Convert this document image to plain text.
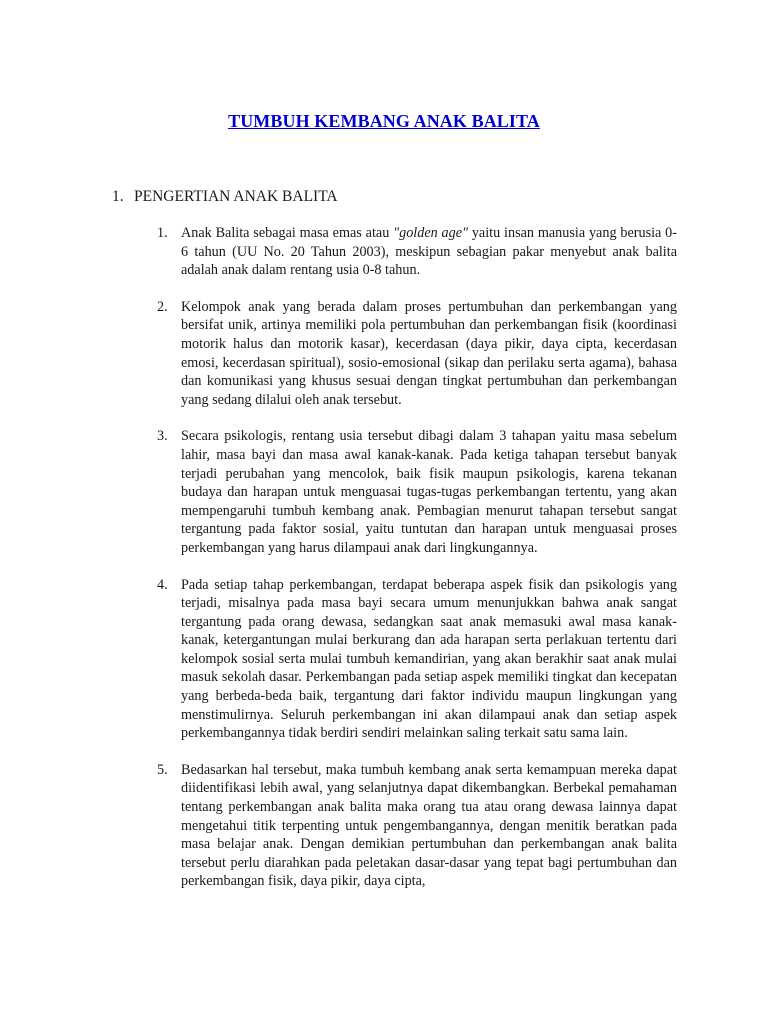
TUMBUH KEMBANG ANAK BALITA
1. PENGERTIAN ANAK BALITA
1. Anak Balita sebagai masa emas atau "golden age" yaitu insan manusia yang berusia 0-6 tahun (UU No. 20 Tahun 2003), meskipun sebagian pakar menyebut anak balita adalah anak dalam rentang usia 0-8 tahun.
2. Kelompok anak yang berada dalam proses pertumbuhan dan perkembangan yang bersifat unik, artinya memiliki pola pertumbuhan dan perkembangan fisik (koordinasi motorik halus dan motorik kasar), kecerdasan (daya pikir, daya cipta, kecerdasan emosi, kecerdasan spiritual), sosio-emosional (sikap dan perilaku serta agama), bahasa dan komunikasi yang khusus sesuai dengan tingkat pertumbuhan dan perkembangan yang sedang dilalui oleh anak tersebut.
3. Secara psikologis, rentang usia tersebut dibagi dalam 3 tahapan yaitu masa sebelum lahir, masa bayi dan masa awal kanak-kanak. Pada ketiga tahapan tersebut banyak terjadi perubahan yang mencolok, baik fisik maupun psikologis, karena tekanan budaya dan harapan untuk menguasai tugas-tugas perkembangan tertentu, yang akan mempengaruhi tumbuh kembang anak. Pembagian menurut tahapan tersebut sangat tergantung pada faktor sosial, yaitu tuntutan dan harapan untuk menguasai proses perkembangan yang harus dilampaui anak dari lingkungannya.
4. Pada setiap tahap perkembangan, terdapat beberapa aspek fisik dan psikologis yang terjadi, misalnya pada masa bayi secara umum menunjukkan bahwa anak sangat tergantung pada orang dewasa, sedangkan saat anak memasuki awal masa kanak-kanak, ketergantungan mulai berkurang dan ada harapan serta perlakuan tertentu dari kelompok sosial serta mulai tumbuh kemandirian, yang akan berakhir saat anak mulai masuk sekolah dasar. Perkembangan pada setiap aspek memiliki tingkat dan kecepatan yang berbeda-beda baik, tergantung dari faktor individu maupun lingkungan yang menstimulirnya. Seluruh perkembangan ini akan dilampaui anak dan setiap aspek perkembangannya tidak berdiri sendiri melainkan saling terkait satu sama lain.
5. Bedasarkan hal tersebut, maka tumbuh kembang anak serta kemampuan mereka dapat diidentifikasi lebih awal, yang selanjutnya dapat dikembangkan. Berbekal pemahaman tentang perkembangan anak balita maka orang tua atau orang dewasa lainnya dapat mengetahui titik terpenting untuk pengembangannya, dengan menitik beratkan pada masa belajar anak. Dengan demikian pertumbuhan dan perkembangan anak balita tersebut perlu diarahkan pada peletakan dasar-dasar yang tepat bagi pertumbuhan dan perkembangan fisik, daya pikir, daya cipta,
